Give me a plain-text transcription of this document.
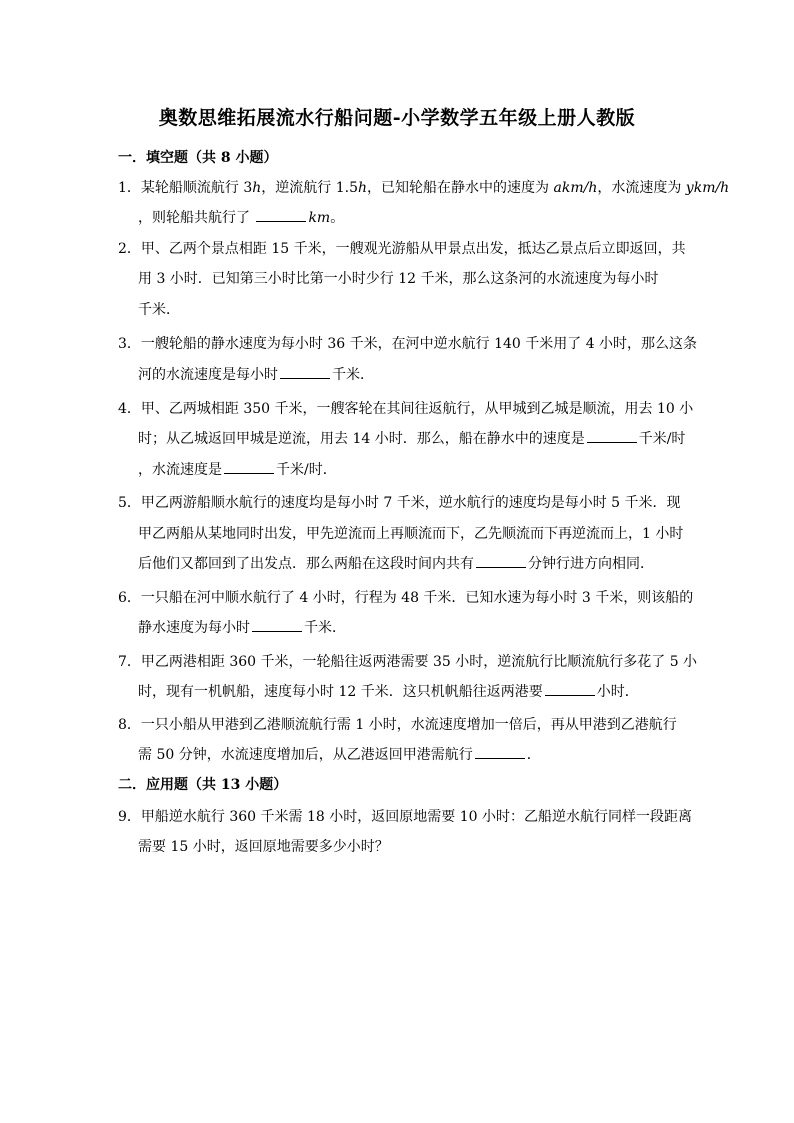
奥数思维拓展流水行船问题-小学数学五年级上册人教版
一．填空题（共 8 小题）
1．某轮船顺流航行 3h，逆流航行 1.5h，已知轮船在静水中的速度为 akm/h，水流速度为 ykm/h
，则轮船共航行了	km。
2．甲、乙两个景点相距 15 千米，一艘观光游船从甲景点出发，抵达乙景点后立即返回，共
用 3 小时．已知第三小时比第一小时少行 12 千米，那么这条河的水流速度为每小时
千米．
3．一艘轮船的静水速度为每小时 36 千米，在河中逆水航行 140 千米用了 4 小时，那么这条
河的水流速度是每小时	千米．
4．甲、乙两城相距 350 千米，一艘客轮在其间往返航行，从甲城到乙城是顺流，用去 10 小
时；从乙城返回甲城是逆流，用去 14 小时．那么，船在静水中的速度是	千米/时
，水流速度是	千米/时．
5．甲乙两游船顺水航行的速度均是每小时 7 千米，逆水航行的速度均是每小时 5 千米．现
甲乙两船从某地同时出发，甲先逆流而上再顺流而下，乙先顺流而下再逆流而上，1 小时
后他们又都回到了出发点．那么两船在这段时间内共有	分钟行进方向相同．
6．一只船在河中顺水航行了 4 小时，行程为 48 千米．已知水速为每小时 3 千米，则该船的
静水速度为每小时	千米．
7．甲乙两港相距 360 千米，一轮船往返两港需要 35 小时，逆流航行比顺流航行多花了 5 小
时，现有一机帆船，速度每小时 12 千米．这只机帆船往返两港要	小时．
8．一只小船从甲港到乙港顺流航行需 1 小时，水流速度增加一倍后，再从甲港到乙港航行
需 50 分钟，水流速度增加后，从乙港返回甲港需航行	．
二．应用题（共 13 小题）
9．甲船逆水航行 360 千米需 18 小时，返回原地需要 10 小时：乙船逆水航行同样一段距离
需要 15 小时，返回原地需要多少小时？
